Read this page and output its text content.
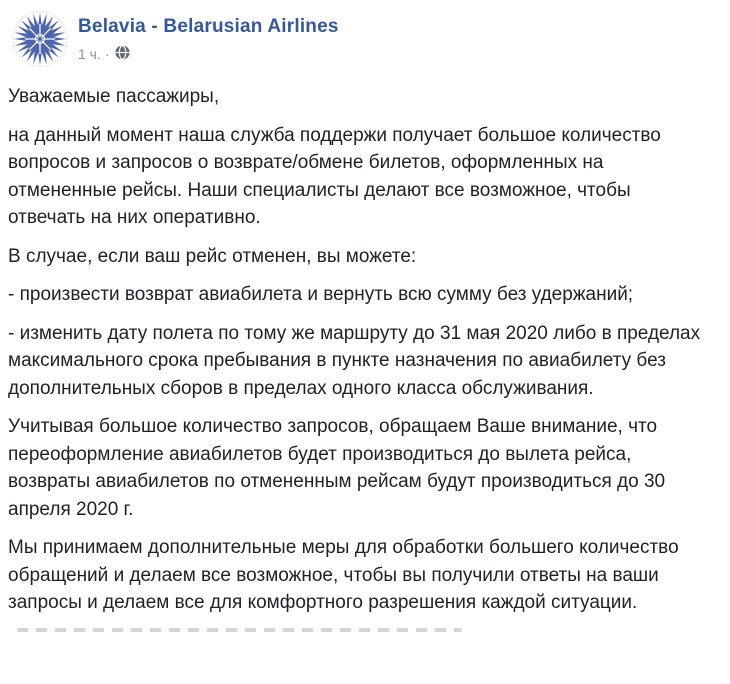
Belavia - Belarusian Airlines
1 ч. ·

Уважаемые пассажиры,

на данный момент наша служба поддержи получает большое количество вопросов и запросов о возврате/обмене билетов, оформленных на отмененные рейсы. Наши специалисты делают все возможное, чтобы отвечать на них оперативно.

В случае, если ваш рейс отменен, вы можете:

- произвести возврат авиабилета и вернуть всю сумму без удержаний;

- изменить дату полета по тому же маршруту до 31 мая 2020 либо в пределах максимального срока пребывания в пункте назначения по авиабилету без дополнительных сборов в пределах одного класса обслуживания.

Учитывая большое количество запросов, обращаем Ваше внимание, что переоформление авиабилетов будет производиться до вылета рейса, возвраты авиабилетов по отмененным рейсам будут производиться до 30 апреля 2020 г.

Мы принимаем дополнительные меры для обработки большего количество обращений и делаем все возможное, чтобы вы получили ответы на ваши запросы и делаем все для комфортного разрешения каждой ситуации.
